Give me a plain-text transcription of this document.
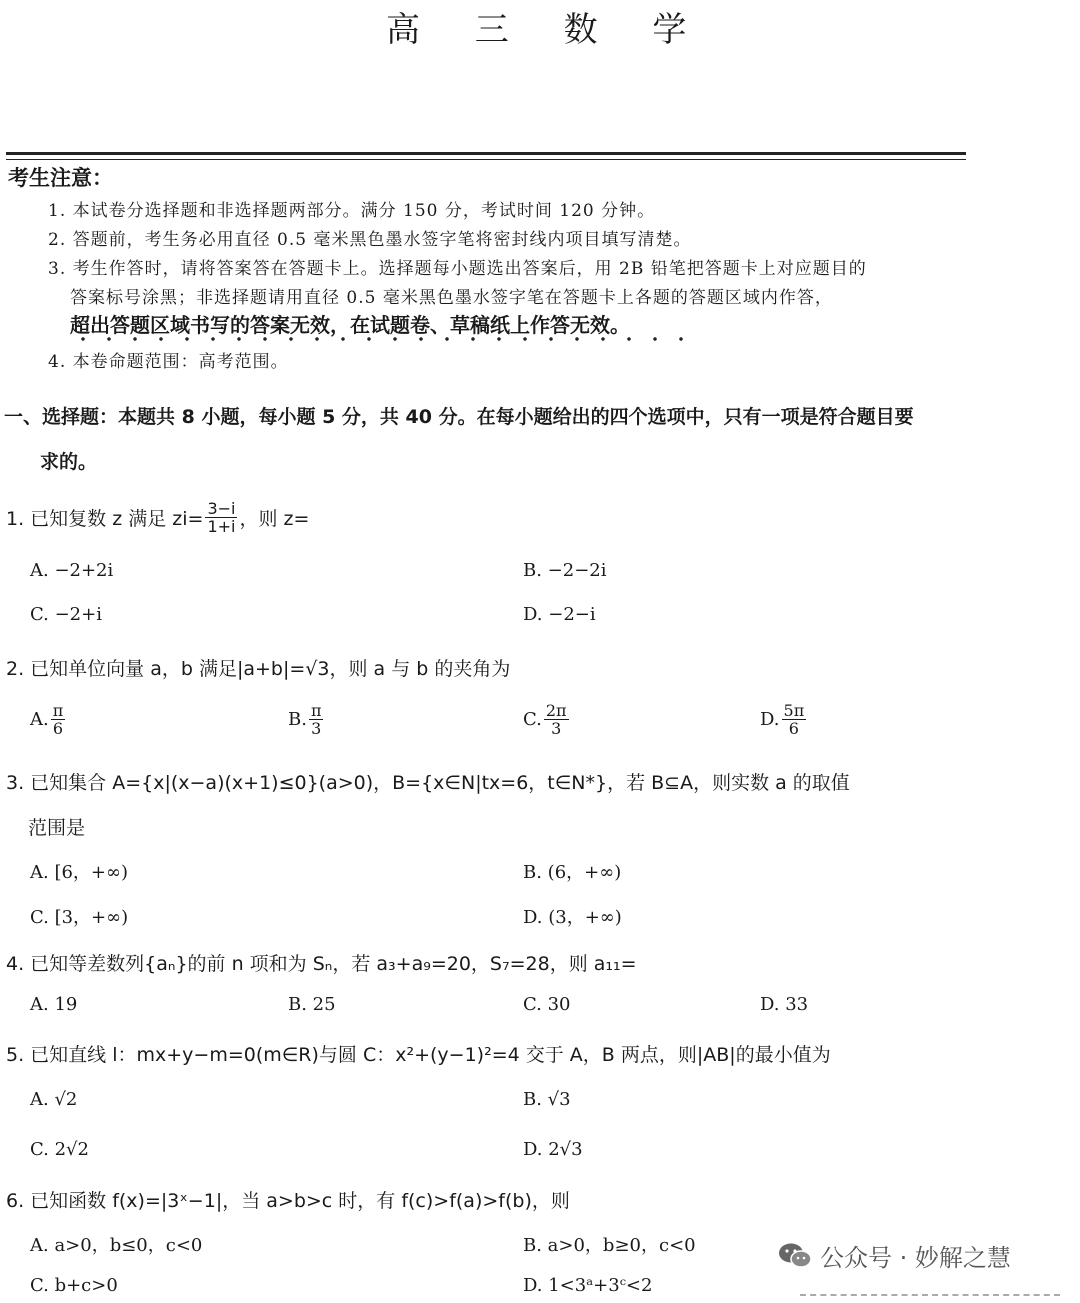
高 三 数 学
考生注意：
1. 本试卷分选择题和非选择题两部分。满分 150 分，考试时间 120 分钟。
2. 答题前，考生务必用直径 0.5 毫米黑色墨水签字笔将密封线内项目填写清楚。
3. 考生作答时，请将答案答在答题卡上。选择题每小题选出答案后，用 2B 铅笔把答题卡上对应题目的
答案标号涂黑；非选择题请用直径 0.5 毫米黑色墨水签字笔在答题卡上各题的答题区域内作答，
超出答题区域书写的答案无效，在试题卷、草稿纸上作答无效。
4. 本卷命题范围：高考范围。
一、选择题：本题共 8 小题，每小题 5 分，共 40 分。在每小题给出的四个选项中，只有一项是符合题目要
求的。
1. 已知复数 z 满足 $zi= \frac{3-i}{1+i}$ ，则 z=
A. −2+2i	B. −2−2i
C. −2+i	D. −2−i
2. 已知单位向量 a，b 满足|a+b|=√3，则 a 与 b 的夹角为
A. $\frac{\pi}{6}$	B. $\frac{\pi}{3}$	C. $\frac{2\pi}{3}$	D. $\frac{5\pi}{6}$
3. 已知集合 A={x|(x−a)(x+1)≤0}(a>0)，B={x∈N|tx=6，t∈N*}，若 B⊆A，则实数 a 的取值
范围是
A. [6，+∞)	B. (6，+∞)
C. [3，+∞)	D. (3，+∞)
4. 已知等差数列{aₙ}的前 n 项和为 Sₙ，若 a₃+a₉=20，S₇=28，则 a₁₁=
A. 19	B. 25	C. 30	D. 33
5. 已知直线 l：mx+y−m=0(m∈R)与圆 C：x²+(y−1)²=4 交于 A，B 两点，则|AB|的最小值为
A. √2	B. √3
C. 2√2	D. 2√3
6. 已知函数 f(x)=|3ˣ−1|，当 a>b>c 时，有 f(c)>f(a)>f(b)，则
A. a>0，b≤0，c<0	B. a>0，b≥0，c<0
C. b+c>0	D. 1<3ᵃ+3ᶜ<2
公众号 · 妙解之慧
